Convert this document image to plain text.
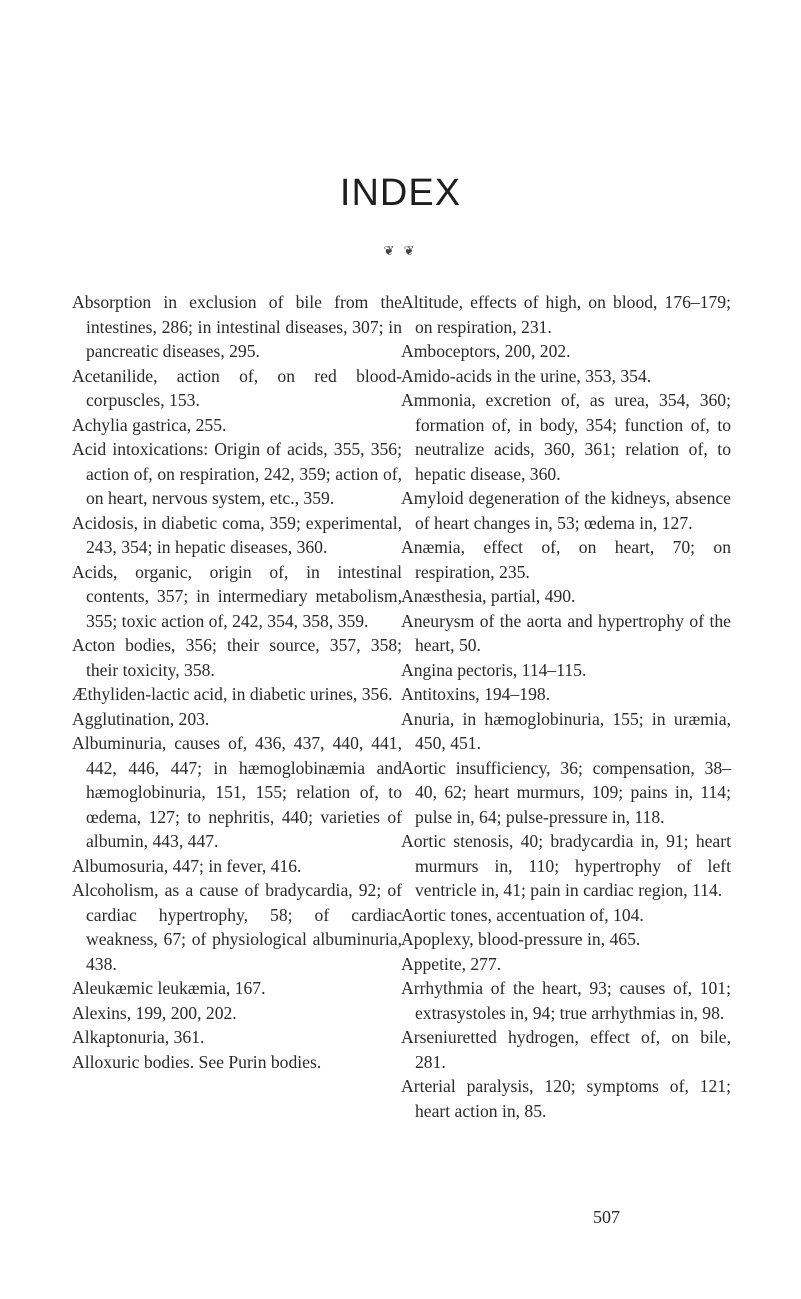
INDEX
❦ ❦

Absorption in exclusion of bile from the intestines, 286; in intestinal diseases, 307; in pancreatic diseases, 295.

Acetanilide, action of, on red blood-corpuscles, 153.

Achylia gastrica, 255.

Acid intoxications: Origin of acids, 355, 356; action of, on respiration, 242, 359; action of, on heart, nervous system, etc., 359.

Acidosis, in diabetic coma, 359; experimental, 243, 354; in hepatic diseases, 360.

Acids, organic, origin of, in intestinal contents, 357; in intermediary metabolism, 355; toxic action of, 242, 354, 358, 359.

Acton bodies, 356; their source, 357, 358; their toxicity, 358.

Æthyliden-lactic acid, in diabetic urines, 356.

Agglutination, 203.

Albuminuria, causes of, 436, 437, 440, 441, 442, 446, 447; in hæmoglobinæmia and hæmoglobinuria, 151, 155; relation of, to œdema, 127; to nephritis, 440; varieties of albumin, 443, 447.

Albumosuria, 447; in fever, 416.

Alcoholism, as a cause of bradycardia, 92; of cardiac hypertrophy, 58; of cardiac weakness, 67; of physiological albuminuria, 438.

Aleukæmic leukæmia, 167.

Alexins, 199, 200, 202.

Alkaptonuria, 361.

Alloxuric bodies. See Purin bodies.

Altitude, effects of high, on blood, 176–179; on respiration, 231.

Amboceptors, 200, 202.

Amido-acids in the urine, 353, 354.

Ammonia, excretion of, as urea, 354, 360; formation of, in body, 354; function of, to neutralize acids, 360, 361; relation of, to hepatic disease, 360.

Amyloid degeneration of the kidneys, absence of heart changes in, 53; œdema in, 127.

Anæmia, effect of, on heart, 70; on respiration, 235.

Anæsthesia, partial, 490.

Aneurysm of the aorta and hypertrophy of the heart, 50.

Angina pectoris, 114–115.

Antitoxins, 194–198.

Anuria, in hæmoglobinuria, 155; in uræmia, 450, 451.

Aortic insufficiency, 36; compensation, 38–40, 62; heart murmurs, 109; pains in, 114; pulse in, 64; pulse-pressure in, 118.

Aortic stenosis, 40; bradycardia in, 91; heart murmurs in, 110; hypertrophy of left ventricle in, 41; pain in cardiac region, 114.

Aortic tones, accentuation of, 104.

Apoplexy, blood-pressure in, 465.

Appetite, 277.

Arrhythmia of the heart, 93; causes of, 101; extrasystoles in, 94; true arrhythmias in, 98.

Arseniuretted hydrogen, effect of, on bile, 281.

Arterial paralysis, 120; symptoms of, 121; heart action in, 85.

507
